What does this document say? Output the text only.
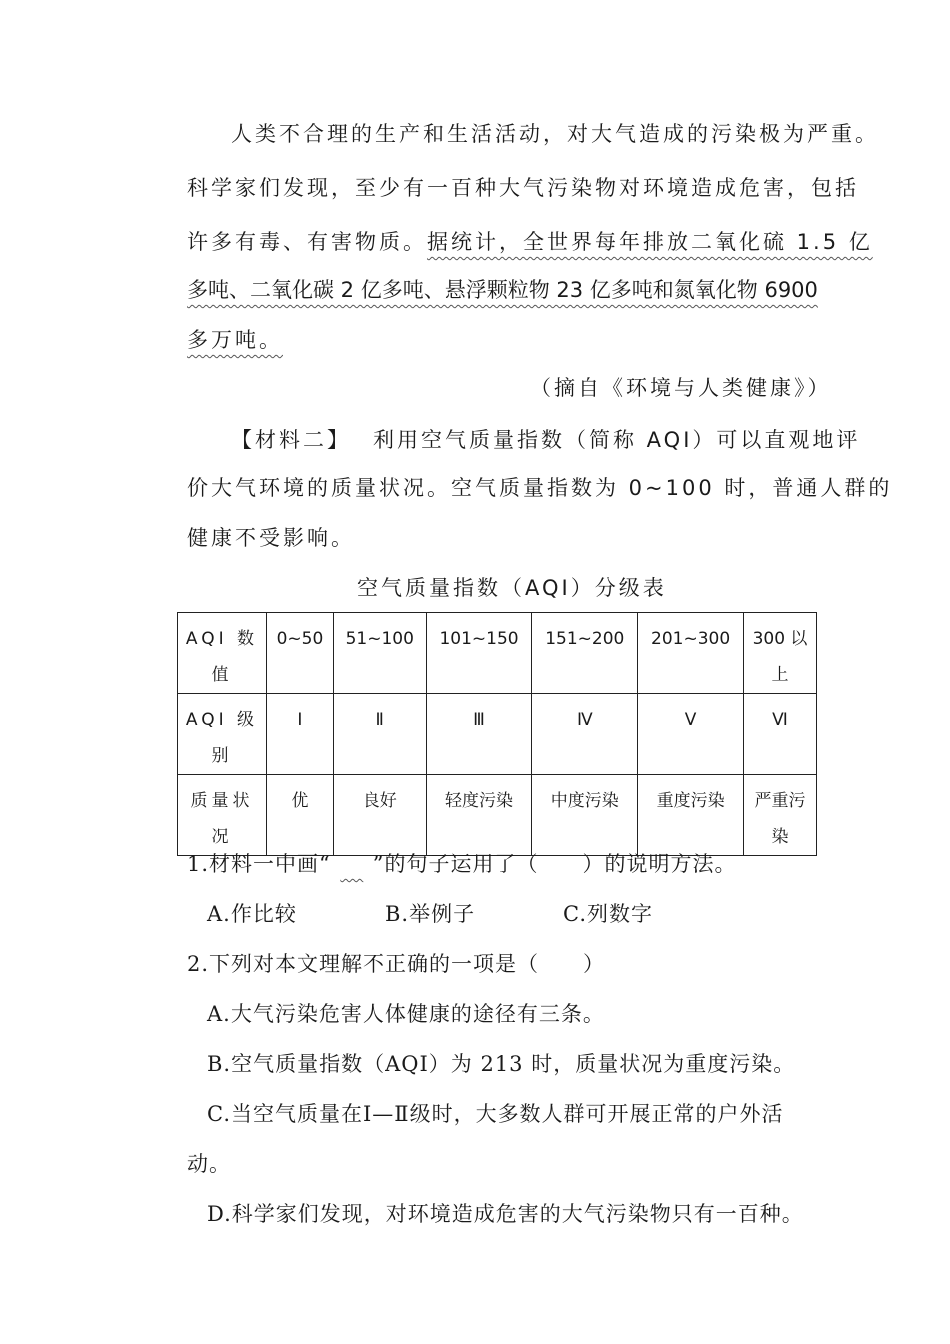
人类不合理的生产和生活活动，对大气造成的污染极为严重。
科学家们发现，至少有一百种大气污染物对环境造成危害，包括
许多有毒、有害物质。据统计，全世界每年排放二氧化硫 1.5 亿
多吨、二氧化碳 2 亿多吨、悬浮颗粒物 23 亿多吨和氮氧化物 6900
多万吨。
（摘自《环境与人类健康》）
【材料二】 利用空气质量指数（简称 AQI）可以直观地评
价大气环境的质量状况。空气质量指数为 0~100 时，普通人群的
健康不受影响。
空气质量指数（AQI）分级表
AQI 数值	0~50	51~100	101~150	151~200	201~300	300 以上
AQI 级别	Ⅰ	Ⅱ	Ⅲ	Ⅳ	Ⅴ	Ⅵ
质量状况	优	良好	轻度污染	中度污染	重度污染	严重污染
1.材料一中画“   ”的句子运用了（　　）的说明方法。
A.作比较	B.举例子	C.列数字
2.下列对本文理解不正确的一项是（　　）
A.大气污染危害人体健康的途径有三条。
B.空气质量指数（AQI）为 213 时，质量状况为重度污染。
C.当空气质量在Ⅰ—Ⅱ级时，大多数人群可开展正常的户外活
动。
D.科学家们发现，对环境造成危害的大气污染物只有一百种。
